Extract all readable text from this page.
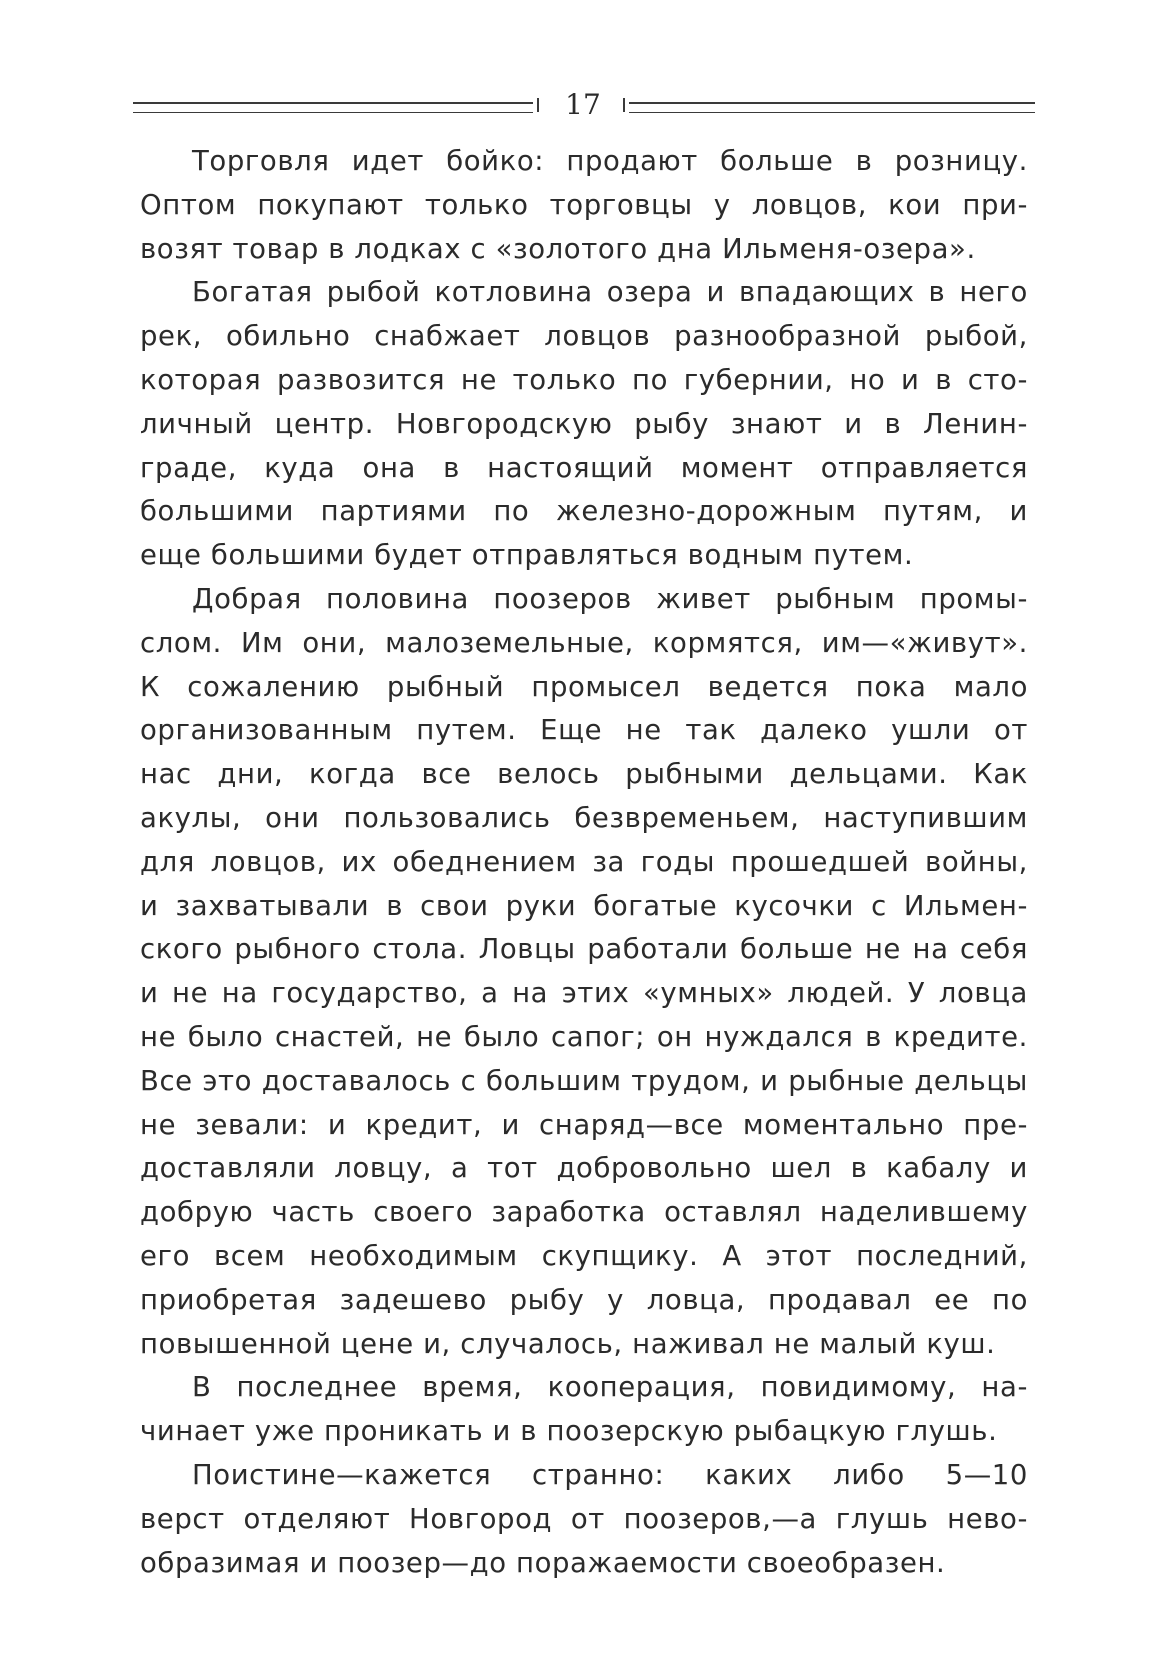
17
Торговля идет бойко: продают больше в розницу.
Оптом покупают только торговцы у ловцов, кои при-
возят товар в лодках с «золотого дна Ильменя-озера».
Богатая рыбой котловина озера и впадающих в него
рек, обильно снабжает ловцов разнообразной рыбой,
которая развозится не только по губернии, но и в сто-
личный центр. Новгородскую рыбу знают и в Ленин-
граде, куда она в настоящий момент отправляется
большими партиями по железно-дорожным путям, и
еще большими будет отправляться водным путем.
Добрая половина поозеров живет рыбным промы-
слом. Им они, малоземельные, кормятся, им—«живут».
К сожалению рыбный промысел ведется пока мало
организованным путем. Еще не так далеко ушли от
нас дни, когда все велось рыбными дельцами. Как
акулы, они пользовались безвременьем, наступившим
для ловцов, их обеднением за годы прошедшей войны,
и захватывали в свои руки богатые кусочки с Ильмен-
ского рыбного стола. Ловцы работали больше не на себя
и не на государство, а на этих «умных» людей. У ловца
не было снастей, не было сапог; он нуждался в кредите.
Все это доставалось с большим трудом, и рыбные дельцы
не зевали: и кредит, и снаряд—все моментально пре-
доставляли ловцу, а тот добровольно шел в кабалу и
добрую часть своего заработка оставлял наделившему
его всем необходимым скупщику. А этот последний,
приобретая задешево рыбу у ловца, продавал ее по
повышенной цене и, случалось, наживал не малый куш.
В последнее время, кооперация, повидимому, на-
чинает уже проникать и в поозерскую рыбацкую глушь.
Поистине—кажется странно: каких либо 5—10
верст отделяют Новгород от поозеров,—а глушь нево-
образимая и поозер—до поражаемости своеобразен.
